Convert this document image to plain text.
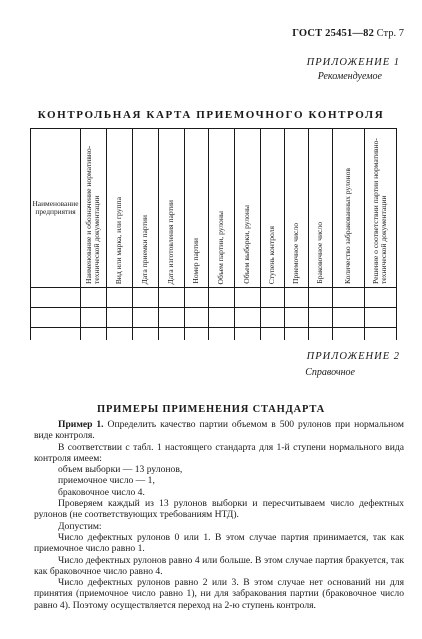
ГОСТ 25451—82 Стр. 7
ПРИЛОЖЕНИЕ 1
Рекомендуемое
КОНТРОЛЬНАЯ КАРТА ПРИЕМОЧНОГО КОНТРОЛЯ
Наименование предприятия	Наименование и обозначение нормативно-технической документации	Вид или марка, или группа	Дата приемки партии	Дата изготовления партии	Номер партии	Объем партии, рулоны	Объем выборки, рулоны	Ступень контроля	Приемочное число	Браковочное число	Количество забракованных рулонов	Решение о соответствии партии нормативно-технической документации

ПРИЛОЖЕНИЕ 2
Справочное
ПРИМЕРЫ ПРИМЕНЕНИЯ СТАНДАРТА

Пример 1. Определить качество партии объемом в 500 рулонов при нормальном виде контроля.

В соответствии с табл. 1 настоящего стандарта для 1-й ступени нормального вида контроля имеем:

объем выборки — 13 рулонов,

приемочное число — 1,

браковочное число 4.

Проверяем каждый из 13 рулонов выборки и пересчитываем число дефектных рулонов (не соответствующих требованиям НТД).

Допустим:

Число дефектных рулонов 0 или 1. В этом случае партия принимается, так как приемочное число равно 1.

Число дефектных рулонов равно 4 или больше. В этом случае партия бракуется, так как браковочное число равно 4.

Число дефектных рулонов равно 2 или 3. В этом случае нет оснований ни для принятия (приемочное число равно 1), ни для забракования партии (браковочное число равно 4). Поэтому осуществляется переход на 2-ю ступень контроля.
